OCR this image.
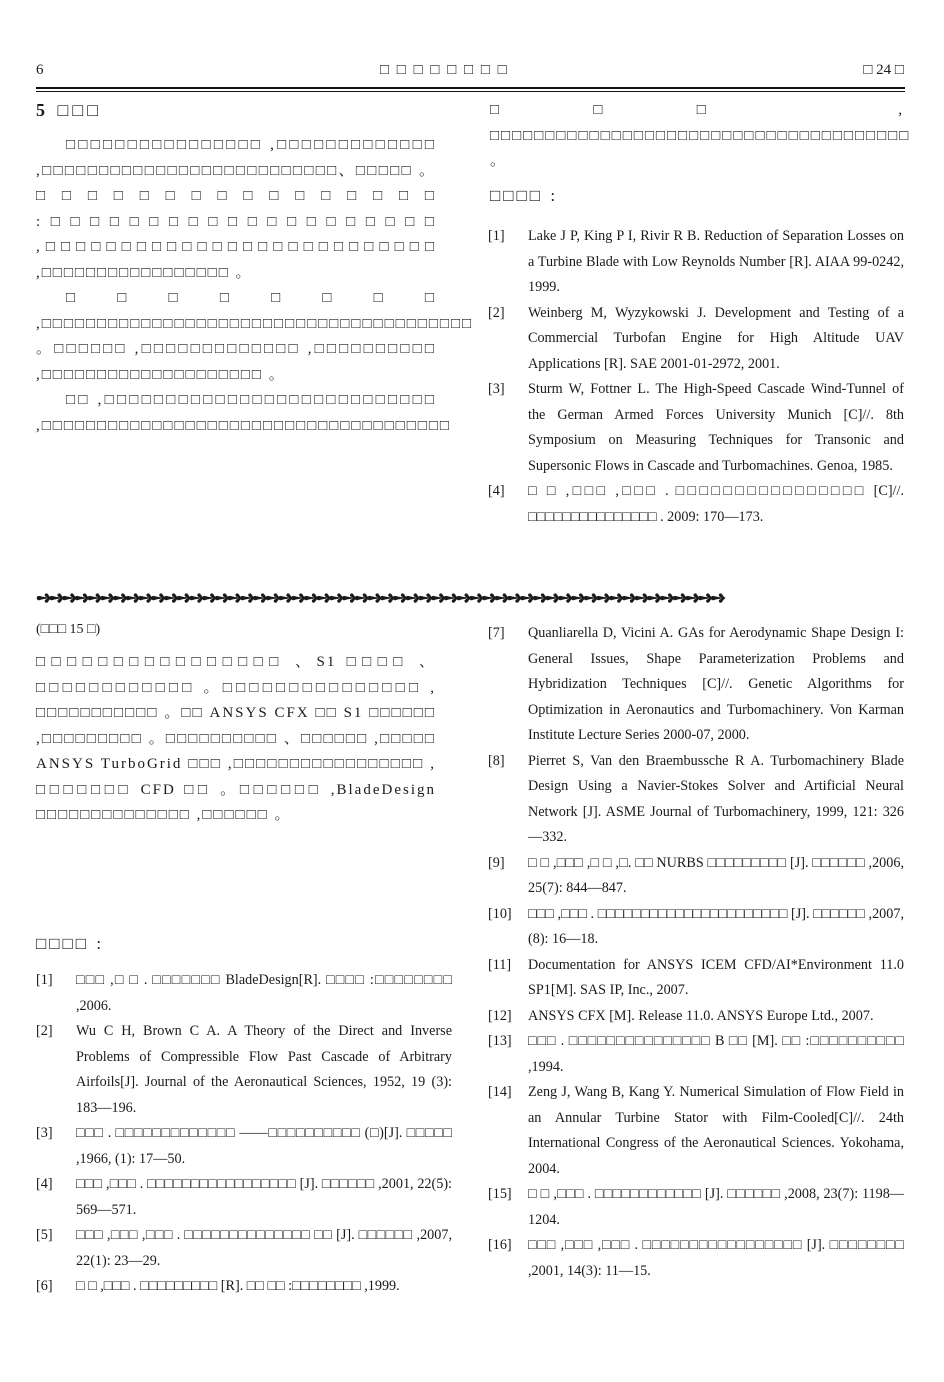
6	□ □ □ □ □ □ □ □	□ 24 □
5 □□□

□□□□□□□□□□□□□□□□ ,□□□□□□□□□□□□□ ,□□□□□□□□□□□□□□□□□□□□□□□□□□、□□□□□ 。□□□□□□□□□□□□□□□□ :□□□□□□□□□□□□□□□□□□□□ ,□□□□□□□□□□□□□□□□□□□□□□□□□□ ,□□□□□□□□□□□□□□□□□ 。

□□□□□□□□ ,□□□□□□□□□□□□□□□□□□□□□□□□□□□□□□□□□□□□□□□ 。□□□□□□ ,□□□□□□□□□□□□□ ,□□□□□□□□□□ ,□□□□□□□□□□□□□□□□□□□□ 。

□□ ,□□□□□□□□□□□□□□□□□□□□□□□□□□□ ,□□□□□□□□□□□□□□□□□□□□□□□□□□□□□□□□□□□□□

□□□ , □□□□□□□□□□□□□□□□□□□□□□□□□□□□□□□□□□□□□□ 。
□□□□ :
[1]	Lake J P, King P I, Rivir R B. Reduction of Separation Losses on a Turbine Blade with Low Reynolds Number [R]. AIAA 99-0242, 1999.
[2]	Weinberg M, Wyzykowski J. Development and Testing of a Commercial Turbofan Engine for High Altitude UAV Applications [R]. SAE 2001-01-2972, 2001.
[3]	Sturm W, Fottner L. The High-Speed Cascade Wind-Tunnel of the German Armed Forces University Munich [C]//. 8th Symposium on Measuring Techniques for Transonic and Supersonic Flows in Cascade and Turbomachines. Genoa, 1985.
[4]	□ □ ,□□□ ,□□□ . □□□□□□□□□□□□□□□□ [C]//. □□□□□□□□□□□□□□□ . 2009: 170—173.
➺➺➺➺➺➺➺➺➺➺➺➺➺➺➺➺➺➺➺➺➺➺➺➺➺➺➺➺➺➺➺➺➺➺➺➺➺➺➺➺➺➺➺➺➺➺➺➺➺➺➺➺➺➺
(□□□ 15 □)
□□□□□□□□□□□□□□□□ 、S1 □□□□ 、□□□□□□□□□□□□ 。□□□□□□□□□□□□□□□ , □□□□□□□□□□□ 。□□ ANSYS CFX □□ S1 □□□□□□ ,□□□□□□□□□ 。□□□□□□□□□□ 、□□□□□□ ,□□□□□ ANSYS TurboGrid □□□ ,□□□□□□□□□□□□□□□□□ , □□□□□□□ CFD □□ 。□□□□□□ ,BladeDesign □□□□□□□□□□□□□□ ,□□□□□□ 。
□□□□ :
[1]	□□□ ,□ □ . □□□□□□□ BladeDesign[R]. □□□□ :□□□□□□□□ ,2006.
[2]	Wu C H, Brown C A. A Theory of the Direct and Inverse Problems of Compressible Flow Past Cascade of Arbitrary Airfoils[J]. Journal of the Aeronautical Sciences, 1952, 19 (3): 183—196.
[3]	□□□ . □□□□□□□□□□□□□ ——□□□□□□□□□□ (□)[J]. □□□□□ ,1966, (1): 17—50.
[4]	□□□ ,□□□ . □□□□□□□□□□□□□□□□□ [J]. □□□□□□ ,2001, 22(5): 569—571.
[5]	□□□ ,□□□ ,□□□ . □□□□□□□□□□□□□□ □□ [J]. □□□□□□ ,2007, 22(1): 23—29.
[6]	□ □ ,□□□ . □□□□□□□□□ [R]. □□ □□ :□□□□□□□□ ,1999.
[7]	Quanliarella D, Vicini A. GAs for Aerodynamic Shape Design I: General Issues, Shape Parameterization Problems and Hybridization Techniques [C]//. Genetic Algorithms for Optimization in Aeronautics and Turbomachinery. Von Karman Institute Lecture Series 2000-07, 2000.
[8]	Pierret S, Van den Braembussche R A. Turbomachinery Blade Design Using a Navier-Stokes Solver and Artificial Neural Network [J]. ASME Journal of Turbomachinery, 1999, 121: 326—332.
[9]	□ □ ,□□□ ,□ □ ,□. □□ NURBS □□□□□□□□□ [J]. □□□□□□ ,2006, 25(7): 844—847.
[10]	□□□ ,□□□ . □□□□□□□□□□□□□□□□□□□□□□ [J]. □□□□□□ ,2007, (8): 16—18.
[11]	Documentation for ANSYS ICEM CFD/AI*Environment 11.0 SP1[M]. SAS IP, Inc., 2007.
[12]	ANSYS CFX [M]. Release 11.0. ANSYS Europe Ltd., 2007.
[13]	□□□ . □□□□□□□□□□□□□□□ B □□ [M]. □□ :□□□□□□□□□□ ,1994.
[14]	Zeng J, Wang B, Kang Y. Numerical Simulation of Flow Field in an Annular Turbine Stator with Film-Cooled[C]//. 24th International Congress of the Aeronautical Sciences. Yokohama, 2004.
[15]	□ □ ,□□□ . □□□□□□□□□□□□ [J]. □□□□□□ ,2008, 23(7): 1198—1204.
[16]	□□□ ,□□□ ,□□□ . □□□□□□□□□□□□□□□□□ [J]. □□□□□□□□ ,2001, 14(3): 11—15.
